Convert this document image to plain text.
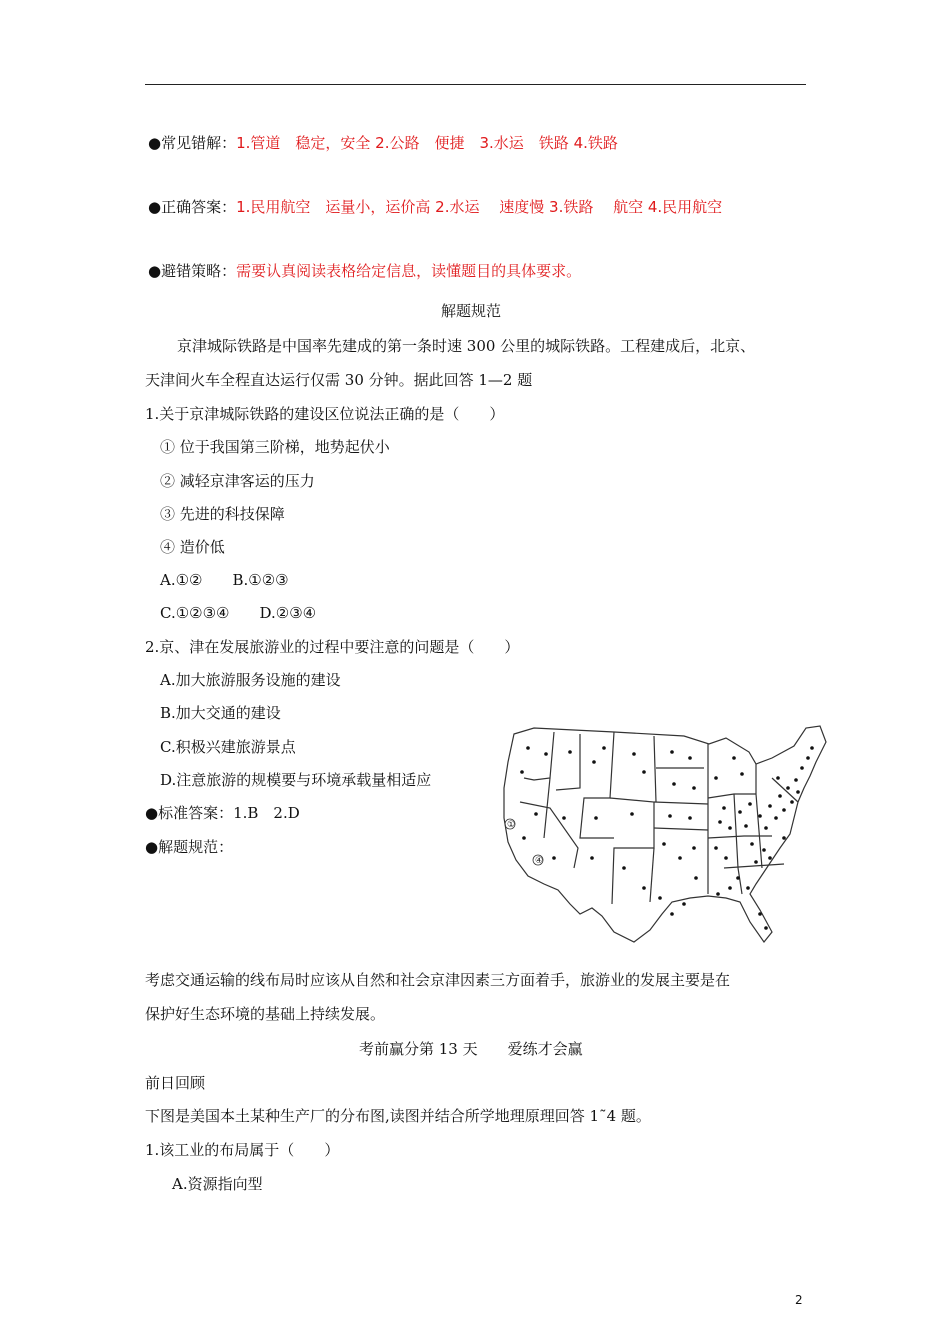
●常见错解：1.管道　稳定，安全 2.公路　便捷　3.水运　铁路 4.铁路
●正确答案：1.民用航空　运量小，运价高 2.水运　 速度慢 3.铁路　 航空 4.民用航空
●避错策略：需要认真阅读表格给定信息，读懂题目的具体要求。
解题规范
京津城际铁路是中国率先建成的第一条时速 300 公里的城际铁路。工程建成后，北京、
天津间火车全程直达运行仅需 30 分钟。据此回答 1—2 题
1.关于京津城际铁路的建设区位说法正确的是（　　）
① 位于我国第三阶梯，地势起伏小
② 减轻京津客运的压力
③ 先进的科技保障
④ 造价低
A.①②　　B.①②③
C.①②③④　　D.②③④
2.京、津在发展旅游业的过程中要注意的问题是（　　）
A.加大旅游服务设施的建设
B.加大交通的建设
C.积极兴建旅游景点
D.注意旅游的规模要与环境承载量相适应
●标准答案：1.B　2.D
●解题规范：
①
④
考虑交通运输的线布局时应该从自然和社会京津因素三方面着手，旅游业的发展主要是在
保护好生态环境的基础上持续发展。
考前赢分第 13 天　　爱练才会赢
前日回顾
下图是美国本土某种生产厂的分布图,读图并结合所学地理原理回答 1˜4 题。
1.该工业的布局属于（　　）
A.资源指向型
2
